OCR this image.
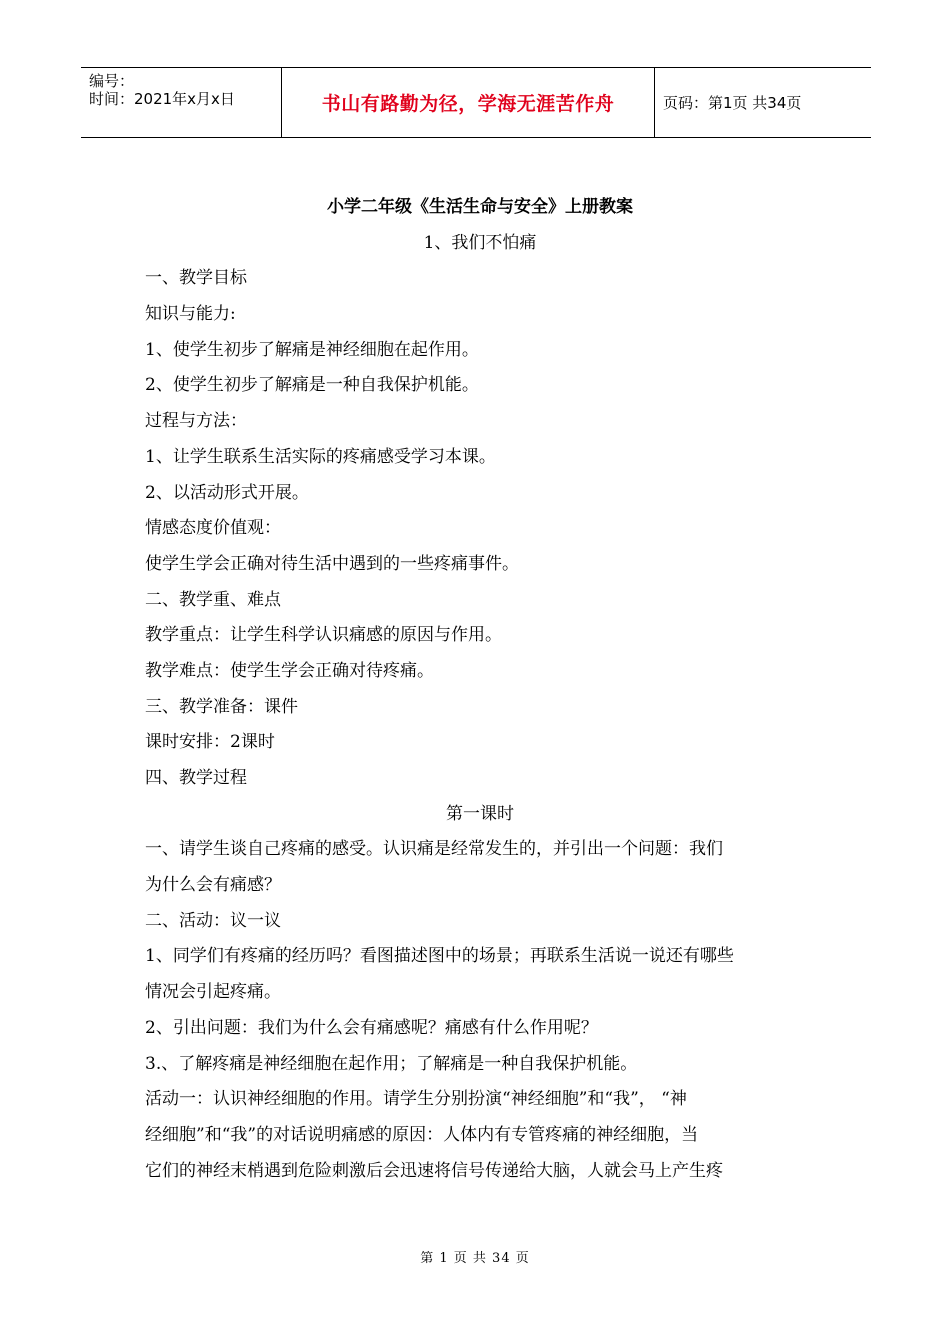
编号：
时间：2021年x月x日	书山有路勤为径，学海无涯苦作舟	页码：第1页 共34页
小学二年级《生活生命与安全》上册教案
1、我们不怕痛
一、教学目标
知识与能力:
1、使学生初步了解痛是神经细胞在起作用。
2、使学生初步了解痛是一种自我保护机能。
过程与方法：
1、让学生联系生活实际的疼痛感受学习本课。
2、以活动形式开展。
情感态度价值观：
使学生学会正确对待生活中遇到的一些疼痛事件。
二、教学重、难点
教学重点：让学生科学认识痛感的原因与作用。
教学难点：使学生学会正确对待疼痛。
三、教学准备：课件
课时安排：2课时
四、教学过程
第一课时
一、请学生谈自己疼痛的感受。认识痛是经常发生的，并引出一个问题：我们
为什么会有痛感？
二、活动：议一议
1、同学们有疼痛的经历吗？看图描述图中的场景；再联系生活说一说还有哪些
情况会引起疼痛。
2、引出问题：我们为什么会有痛感呢？痛感有什么作用呢？
3.、了解疼痛是神经细胞在起作用；了解痛是一种自我保护机能。
活动一：认识神经细胞的作用。请学生分别扮演“神经细胞”和“我”， “神
经细胞”和“我”的对话说明痛感的原因：人体内有专管疼痛的神经细胞，当
它们的神经末梢遇到危险刺激后会迅速将信号传递给大脑，人就会马上产生疼
第 1 页 共 34 页
